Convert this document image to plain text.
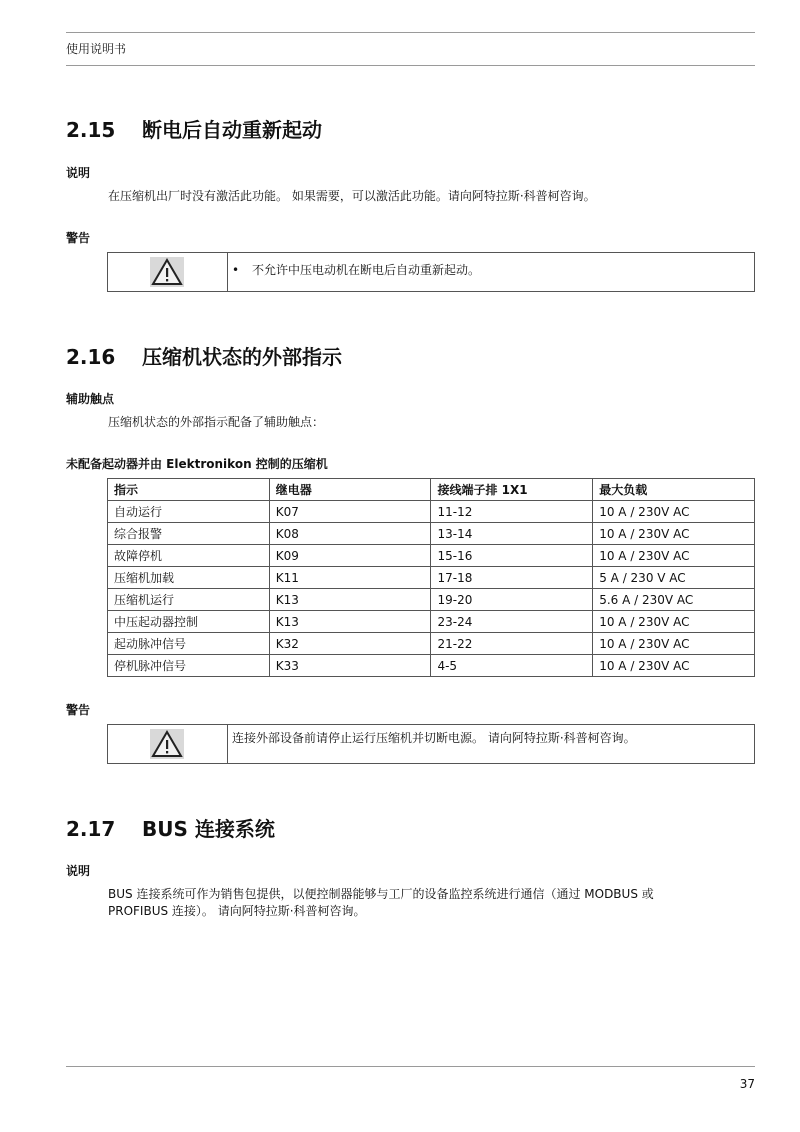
使用说明书
2.15 断电后自动重新起动
说明
在压缩机出厂时没有激活此功能。 如果需要，可以激活此功能。请向阿特拉斯·科普柯咨询。
警告
• 不允许中压电动机在断电后自动重新起动。
2.16 压缩机状态的外部指示
辅助触点
压缩机状态的外部指示配备了辅助触点：
未配备起动器并由 Elektronikon 控制的压缩机
指示	继电器	接线端子排 1X1	最大负载
自动运行	K07	11-12	10 A / 230V AC
综合报警	K08	13-14	10 A / 230V AC
故障停机	K09	15-16	10 A / 230V AC
压缩机加载	K11	17-18	5 A / 230 V AC
压缩机运行	K13	19-20	5.6 A / 230V AC
中压起动器控制	K13	23-24	10 A / 230V AC
起动脉冲信号	K32	21-22	10 A / 230V AC
停机脉冲信号	K33	4-5	10 A / 230V AC
警告
连接外部设备前请停止运行压缩机并切断电源。 请向阿特拉斯·科普柯咨询。
2.17 BUS 连接系统
说明
BUS 连接系统可作为销售包提供，以便控制器能够与工厂的设备监控系统进行通信（通过 MODBUS 或
PROFIBUS 连接）。 请向阿特拉斯·科普柯咨询。
37
